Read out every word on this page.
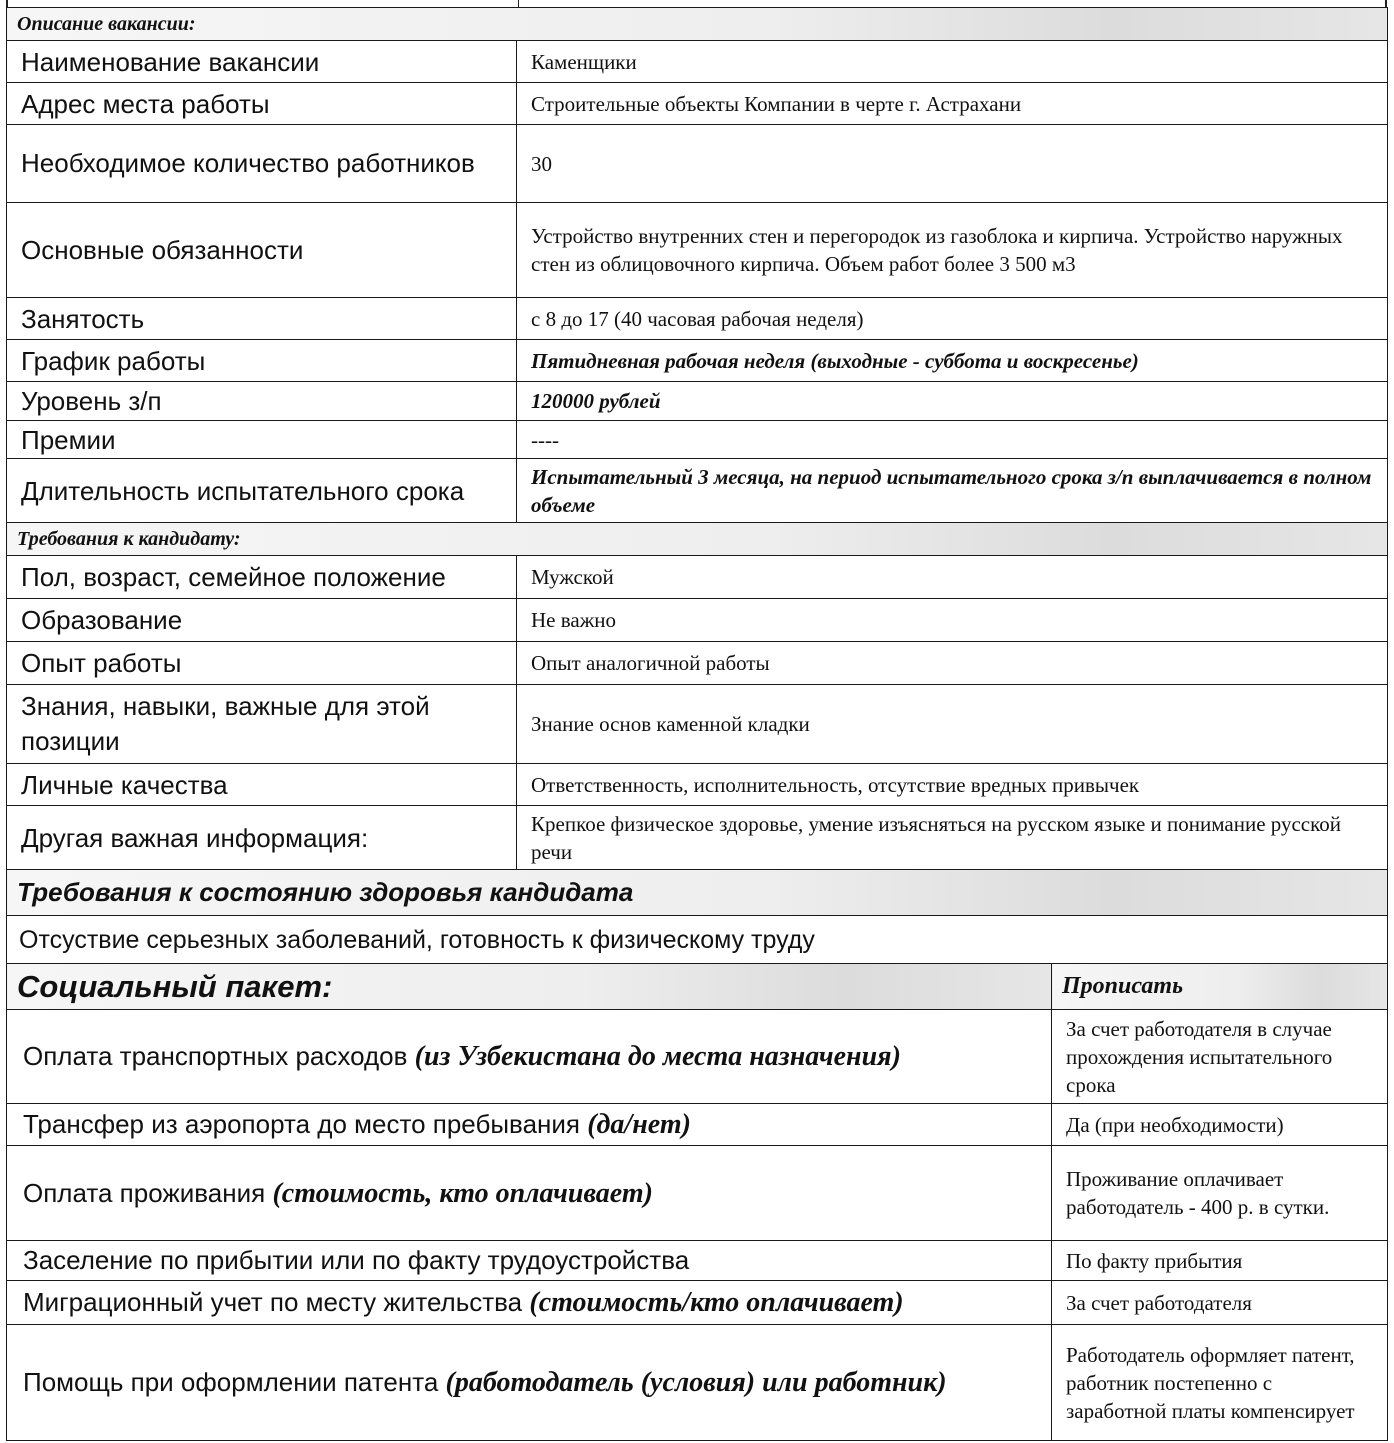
Описание вакансии:	
Наименование вакансии	Каменщики
Адрес места работы	Строительные объекты Компании в черте г. Астрахани
Необходимое количество работников	30
Основные обязанности	Устройство внутренних стен и перегородок из газоблока и кирпича. Устройство наружных стен из облицовочного кирпича. Объем работ более 3 500 м3
Занятость	с 8 до 17 (40 часовая рабочая неделя)
График работы	Пятидневная рабочая неделя (выходные - суббота и воскресенье)
Уровень з/п	120000 рублей
Премии	----
Длительность испытательного срока	Испытательный 3 месяца, на период испытательного срока з/п выплачивается в полном объеме
Требования к кандидату:	
Пол, возраст, семейное положение	Мужской
Образование	Не важно
Опыт работы	Опыт аналогичной работы
Знания, навыки, важные для этой позиции	Знание основ каменной кладки
Личные качества	Ответственность, исполнительность, отсутствие вредных привычек
Другая важная информация:	Крепкое физическое здоровье, умение изъясняться на русском языке и понимание русской речи
Требования к состоянию здоровья кандидата	
Отсуствие серьезных заболеваний, готовность к физическому труду	
Социальный пакет:	Прописать
Оплата транспортных расходов (из Узбекистана до места назначения)	За счет работодателя в случае прохождения испытательного срока
Трансфер из аэропорта до место пребывания (да/нет)	Да (при необходимости)
Оплата проживания (стоимость, кто оплачивает)	Проживание оплачивает работодатель - 400 р. в сутки.
Заселение по прибытии или по факту трудоустройства	По факту прибытия
Миграционный учет по месту жительства (стоимость/кто оплачивает)	За счет работодателя
Помощь при оформлении патента (работодатель (условия) или работник)	Работодатель оформляет патент, работник постепенно с заработной платы компенсирует
